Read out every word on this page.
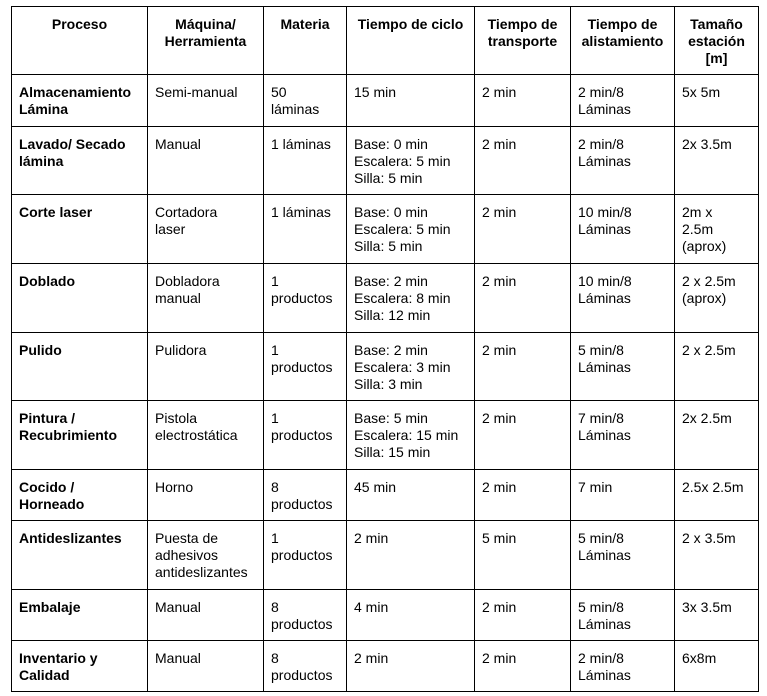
Proceso	Máquina/
Herramienta	Materia	Tiempo de ciclo	Tiempo de
transporte	Tiempo de
alistamiento	Tamaño
estación
[m]

Almacenamiento
Lámina	Semi-manual	50
láminas	15 min	2 min	2 min/8
Láminas	5x 5m

Lavado/ Secado
lámina	Manual	1 láminas	Base: 0 min
Escalera: 5 min
Silla: 5 min	2 min	2 min/8
Láminas	2x 3.5m

Corte laser	Cortadora
laser	1 láminas	Base: 0 min
Escalera: 5 min
Silla: 5 min	2 min	10 min/8
Láminas	2m x
2.5m
(aprox)

Doblado	Dobladora
manual	1
productos	Base: 2 min
Escalera: 8 min
Silla: 12 min	2 min	10 min/8
Láminas	2 x 2.5m
(aprox)

Pulido	Pulidora	1
productos	Base: 2 min
Escalera: 3 min
Silla: 3 min	2 min	5 min/8
Láminas	2 x 2.5m

Pintura /
Recubrimiento	Pistola
electrostática	1
productos	Base: 5 min
Escalera: 15 min
Silla: 15 min	2 min	7 min/8
Láminas	2x 2.5m

Cocido /
Horneado	Horno	8
productos	45 min	2 min	7 min	2.5x 2.5m

Antideslizantes	Puesta de
adhesivos
antideslizantes	1
productos	2 min	5 min	5 min/8
Láminas	2 x 3.5m

Embalaje	Manual	8
productos	4 min	2 min	5 min/8
Láminas	3x 3.5m

Inventario y
Calidad	Manual	8
productos	2 min	2 min	2 min/8
Láminas	6x8m
